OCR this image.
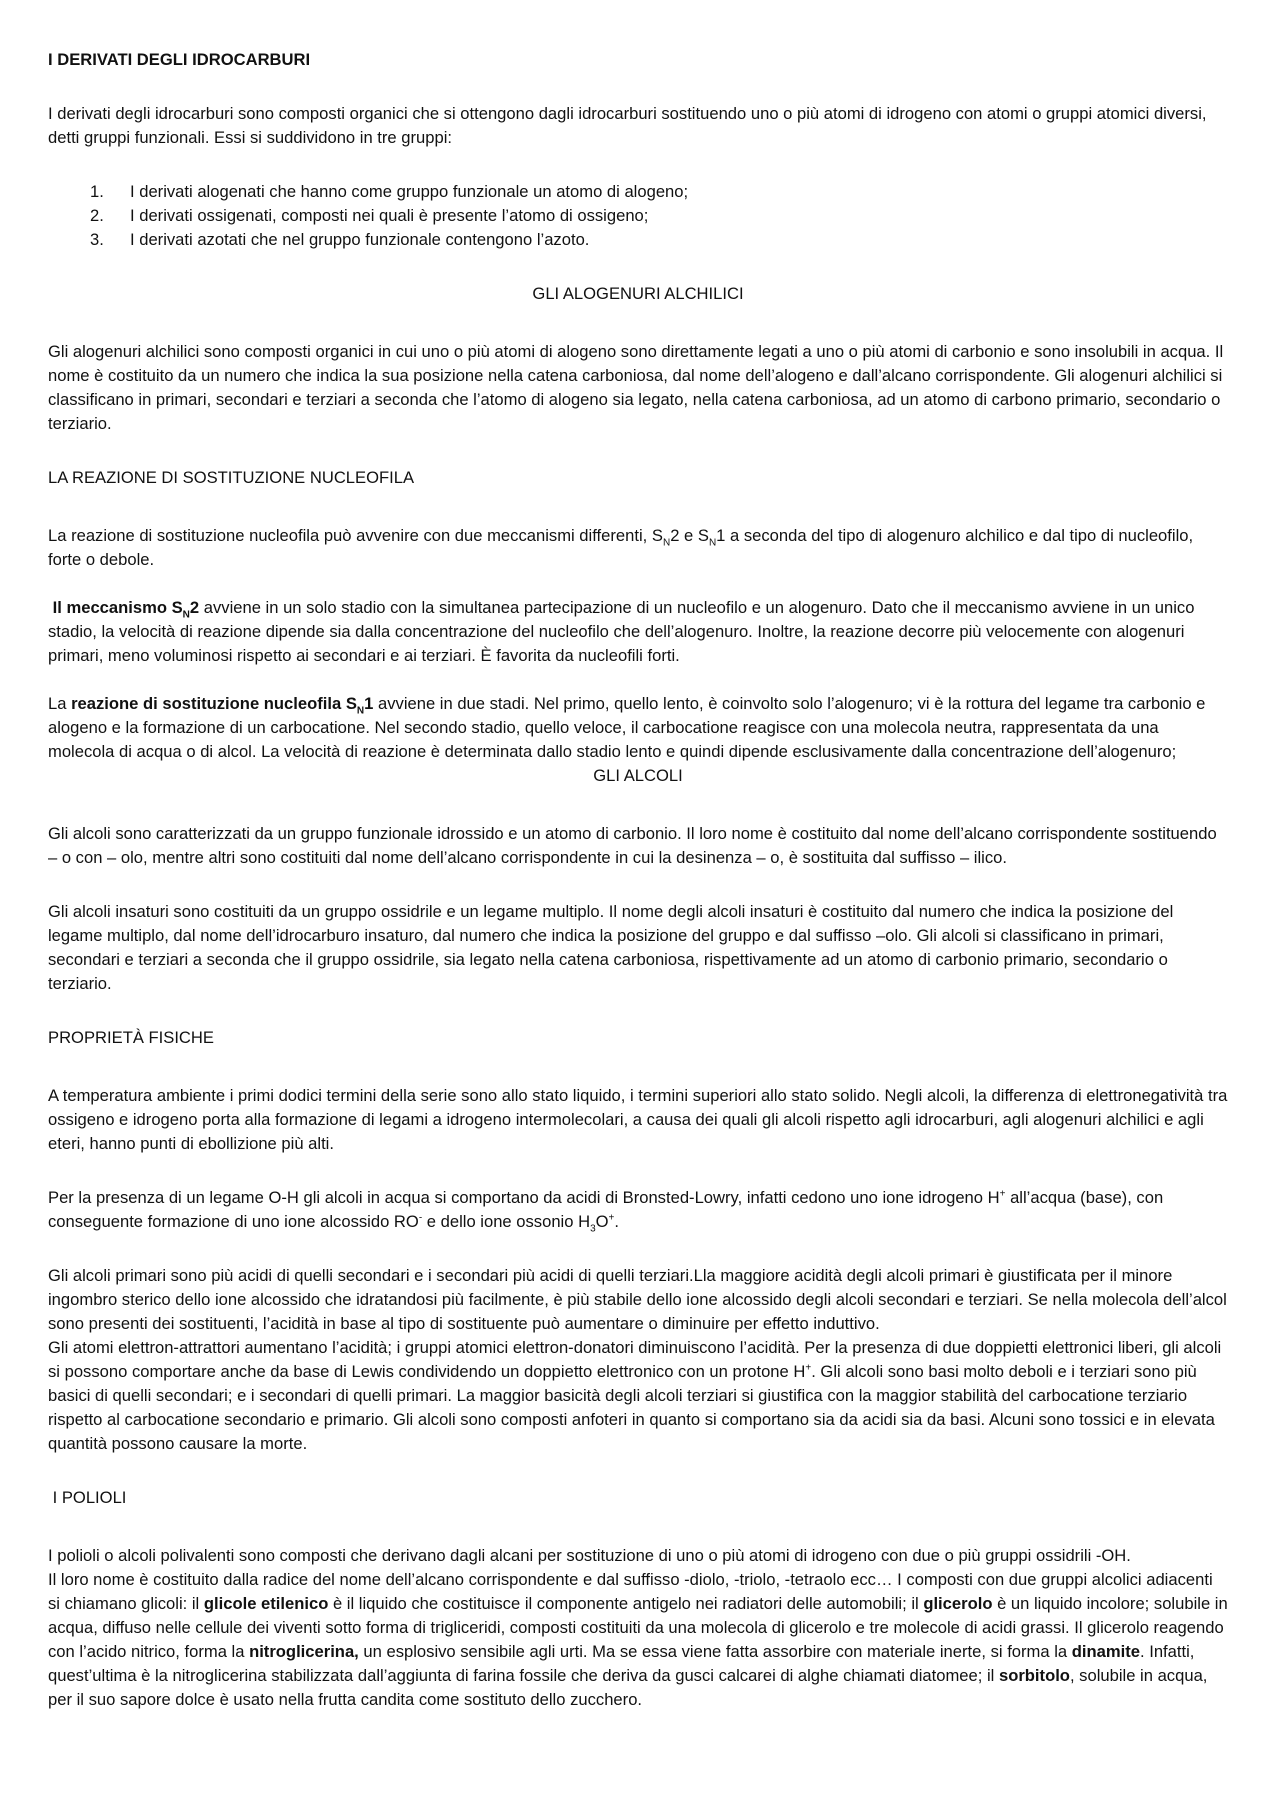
I DERIVATI DEGLI IDROCARBURI

I derivati degli idrocarburi sono composti organici che si ottengono dagli idrocarburi sostituendo uno o più atomi di idrogeno con atomi o gruppi atomici diversi, detti gruppi funzionali. Essi si suddividono in tre gruppi:

1.	I derivati alogenati che hanno come gruppo funzionale un atomo di alogeno;
2.	I derivati ossigenati, composti nei quali è presente l’atomo di ossigeno;
3.	I derivati azotati che nel gruppo funzionale contengono l’azoto.

GLI ALOGENURI ALCHILICI

Gli alogenuri alchilici sono composti organici in cui uno o più atomi di alogeno sono direttamente legati a uno o più atomi di carbonio e sono insolubili in acqua. Il nome è costituito da un numero che indica la sua posizione nella catena carboniosa, dal nome dell’alogeno e dall’alcano corrispondente. Gli alogenuri alchilici si classificano in primari, secondari e terziari a seconda che l’atomo di alogeno sia legato, nella catena carboniosa, ad un atomo di carbono primario, secondario o terziario.

LA REAZIONE DI SOSTITUZIONE NUCLEOFILA

La reazione di sostituzione nucleofila può avvenire con due meccanismi differenti, $S_N2$ e $S_N1$ a seconda del tipo di alogenuro alchilico e dal tipo di nucleofilo, forte o debole.

Il meccanismo $S_N2$ avviene in un solo stadio con la simultanea partecipazione di un nucleofilo e un alogenuro. Dato che il meccanismo avviene in un unico stadio, la velocità di reazione dipende sia dalla concentrazione del nucleofilo che dell’alogenuro. Inoltre, la reazione decorre più velocemente con alogenuri primari, meno voluminosi rispetto ai secondari e ai terziari. È favorita da nucleofili forti.

La reazione di sostituzione nucleofila $S_N1$ avviene in due stadi. Nel primo, quello lento, è coinvolto solo l’alogenuro; vi è la rottura del legame tra carbonio e alogeno e la formazione di un carbocatione. Nel secondo stadio, quello veloce, il carbocatione reagisce con una molecola neutra, rappresentata da una molecola di acqua o di alcol. La velocità di reazione è determinata dallo stadio lento e quindi dipende esclusivamente dalla concentrazione dell’alogenuro;

GLI ALCOLI

Gli alcoli sono caratterizzati da un gruppo funzionale idrossido e un atomo di carbonio. Il loro nome è costituito dal nome dell’alcano corrispondente sostituendo – o con – olo, mentre altri sono costituiti dal nome dell’alcano corrispondente in cui la desinenza – o, è sostituita dal suffisso – ilico.

Gli alcoli insaturi sono costituiti da un gruppo ossidrile e un legame multiplo. Il nome degli alcoli insaturi è costituito dal numero che indica la posizione del legame multiplo, dal nome dell’idrocarburo insaturo, dal numero che indica la posizione del gruppo e dal suffisso –olo. Gli alcoli si classificano in primari, secondari e terziari a seconda che il gruppo ossidrile, sia legato nella catena carboniosa, rispettivamente ad un atomo di carbonio primario, secondario o terziario.

PROPRIETÀ FISICHE

A temperatura ambiente i primi dodici termini della serie sono allo stato liquido, i termini superiori allo stato solido. Negli alcoli, la differenza di elettronegatività tra ossigeno e idrogeno porta alla formazione di legami a idrogeno intermolecolari, a causa dei quali gli alcoli rispetto agli idrocarburi, agli alogenuri alchilici e agli eteri, hanno punti di ebollizione più alti.

Per la presenza di un legame O-H gli alcoli in acqua si comportano da acidi di Bronsted-Lowry, infatti cedono uno ione idrogeno H+ all’acqua (base), con conseguente formazione di uno ione alcossido RO- e dello ione ossonio $H_3O^+$.

Gli alcoli primari sono più acidi di quelli secondari e i secondari più acidi di quelli terziari.Lla maggiore acidità degli alcoli primari è giustificata per il minore ingombro sterico dello ione alcossido che idratandosi più facilmente, è più stabile dello ione alcossido degli alcoli secondari e terziari. Se nella molecola dell’alcol sono presenti dei sostituenti, l’acidità in base al tipo di sostituente può aumentare o diminuire per effetto induttivo.

Gli atomi elettron-attrattori aumentano l’acidità; i gruppi atomici elettron-donatori diminuiscono l’acidità. Per la presenza di due doppietti elettronici liberi, gli alcoli si possono comportare anche da base di Lewis condividendo un doppietto elettronico con un protone H+. Gli alcoli sono basi molto deboli e i terziari sono più basici di quelli secondari; e i secondari di quelli primari. La maggior basicità degli alcoli terziari si giustifica con la maggior stabilità del carbocatione terziario rispetto al carbocatione secondario e primario. Gli alcoli sono composti anfoteri in quanto si comportano sia da acidi sia da basi. Alcuni sono tossici e in elevata quantità possono causare la morte.

I POLIOLI

I polioli o alcoli polivalenti sono composti che derivano dagli alcani per sostituzione di uno o più atomi di idrogeno con due o più gruppi ossidrili -OH.

Il loro nome è costituito dalla radice del nome dell’alcano corrispondente e dal suffisso -diolo, -triolo, -tetraolo ecc… I composti con due gruppi alcolici adiacenti si chiamano glicoli: il glicole etilenico è il liquido che costituisce il componente antigelo nei radiatori delle automobili; il glicerolo è un liquido incolore; solubile in acqua, diffuso nelle cellule dei viventi sotto forma di trigliceridi, composti costituiti da una molecola di glicerolo e tre molecole di acidi grassi. Il glicerolo reagendo con l’acido nitrico, forma la nitroglicerina, un esplosivo sensibile agli urti. Ma se essa viene fatta assorbire con materiale inerte, si forma la dinamite. Infatti, quest’ultima è la nitroglicerina stabilizzata dall’aggiunta di farina fossile che deriva da gusci calcarei di alghe chiamati diatomee; il sorbitolo, solubile in acqua, per il suo sapore dolce è usato nella frutta candita come sostituto dello zucchero.
